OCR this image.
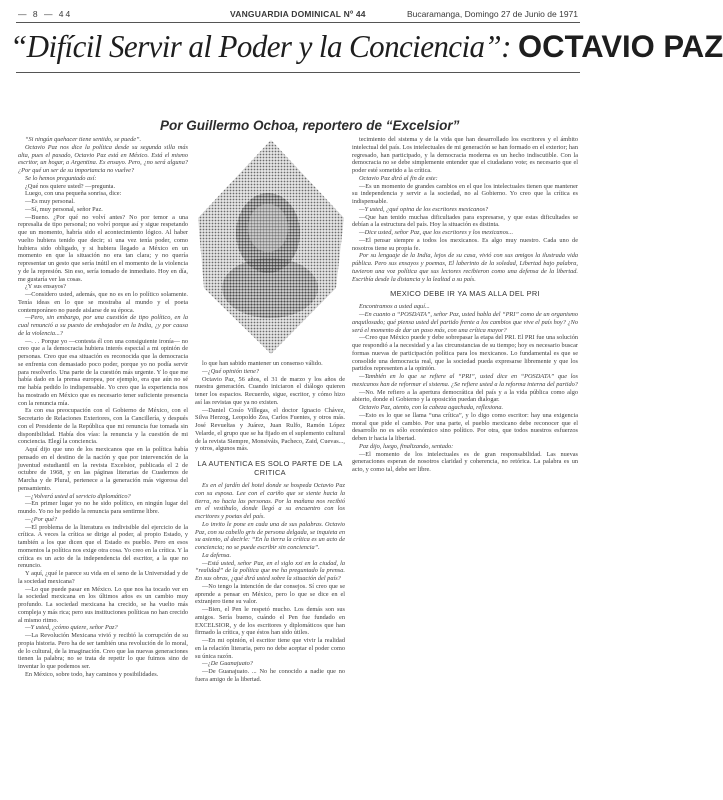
— 8 — 44	VANGUARDIA DOMINICAL Nº 44	Bucaramanga, Domingo 27 de Junio de 1971
“Difícil Servir al Poder y la Conciencia”: OCTAVIO PAZ
Por Guillermo Ochoa, reportero de “Excelsior”

“Si ningún quehacer tiene sentido, se puede”.

Octavio Paz nos dice la política desde su segunda silla más alta, pues el pasado, Octavio Paz está en México. Está el mismo escritor, un hogar, a Argentina. Es ensayo. Pero, ¿no será alguna? ¿Por qué un ser de su importancia no vuelve?

Se lo hemos preguntado así:

¿Qué nos quiere usted? —pregunta.

Luego, con una pequeña sonrisa, dice:

—Es muy personal.

—Sí, muy personal, señor Paz.

—Bueno. ¿Por qué no volví antes? No por temor a una represalia de tipo personal; no volví porque así y sigue respetando que un momento, habría sido el acontecimiento lógico. Al haber vuelto hubiera tenido que decir; si una vez tenía poder, como hubiera sido obligado, y si hubiera llegado a México en un momento en que la situación no era tan clara; y no quería representar un gesto que sería inútil en el momento de la violencia y de la represión. Sin eso, sería tomado de inmediato. Hoy en día, me gustaría ver las cosas.

¿Y sus ensayos?

—Considero usted, además, que no es en lo político solamente. Tenía ideas en lo que se mostraba al mundo y el poeta contemporáneo no puede aislarse de su época.

—Pero, sin embargo, por una cuestión de tipo político, en la cual renunció a su puesto de embajador en la India, ¿y por causa de la violencia...?

—. . . Porque yo —contesta él con una consiguiente ironía— no creo que a la democracia hubiera interés especial a mi opinión de personas. Creo que esa situación es reconocida que la democracia se enfrenta con demasiado poco poder, porque yo no podía servir para resolverlo. Una parte de la cuestión más urgente. Y lo que me había dado en la prensa europea, por ejemplo, era que aún no sé me había pedido lo indispensable. Yo creo que la experiencia nos ha mostrado en México que es necesario tener suficiente presencia con la renuncia mía.

Es con esa preocupación con el Gobierno de México, con el Secretario de Relaciones Exteriores, con la Cancillería, y después con el Presidente de la República que mi renuncia fue tomada sin disponibilidad. Había dos vías: la renuncia y la cuestión de mi conciencia. Elegí la conciencia.

Aquí dijo que uno de los mexicanos que en la política había pensado en el destino de la nación y que por intervención de la juventud estudiantil en la revista Excelsior, publicada el 2 de octubre de 1968, y en las páginas literarias de Cuadernos de Marcha y de Plural, pertenece a la generación más vigorosa del pensamiento.

—¿Volverá usted al servicio diplomático?

—En primer lugar yo no he sido político, en ningún lugar del mundo. Yo no he pedido la renuncia para sentirme libre.

—¿Por qué?

—El problema de la literatura es indivisible del ejercicio de la crítica. A veces la crítica se dirige al poder, al propio Estado, y también a los que dicen que el Estado es pueblo. Pero en esos momentos la política nos exige otra cosa. Yo creo en la crítica. Y la crítica es un acto de la independencia del escritor, a la que no renuncio.

Y aquí, ¿qué le parece su vida en el seno de la Universidad y de la sociedad mexicana?

—Lo que puede pasar en México. Lo que nos ha tocado ver en la sociedad mexicana en los últimos años es un cambio muy profundo. La sociedad mexicana ha crecido, se ha vuelto más compleja y más rica; pero sus instituciones políticas no han crecido al mismo ritmo.

—Y usted, ¿cómo quiere, señor Paz?

—La Revolución Mexicana vivió y recibió la corrupción de su propia historia. Pero ha de ser también una revolución de lo moral, de lo cultural, de la imaginación. Creo que las nuevas generaciones tienen la palabra; no se trata de repetir lo que fuimos sino de inventar lo que podemos ser.

En México, sobre todo, hay caminos y posibilidades.

lo que han sabido mantener un consenso válido.

—¿Qué opinión tiene?

Octavio Paz, 56 años, el 31 de marzo y los años de nuestra generación. Cuando iniciaron el diálogo quieren tener los espacios. Recuerdo, sigue, escritor, y cómo hizo así las revistas que ya no existen.

—Daniel Cosío Villegas, el doctor Ignacio Chávez, Silva Herzog, Leopoldo Zea, Carlos Fuentes, y otros más. José Revueltas y Juárez, Juan Rulfo, Ramón López Velarde, el grupo que se ha fijado en el suplemento cultural de la revista Siempre, Monsiváis, Pacheco, Zaid, Cuevas..., y otros, algunos más.

LA AUTENTICA ES SOLO PARTE DE LA CRITICA

Es en el jardín del hotel donde se hospeda Octavio Paz con su esposa. Lee con el cariño que se siente hacia la tierra, no hacia las personas. Por la mañana nos recibió en el vestíbulo, donde llegó a su encuentro con los escritores y poetas del país.

Lo invito le pone en cada una de sus palabras. Octavio Paz, con su cabello gris de persona delgada, se inquieta en su asiento, al decirle: “En la tierra la crítica es un acto de conciencia; no se puede escribir sin conciencia”.

La defensa.

—Está usted, señor Paz, en el siglo xxi en la ciudad, la “realidad” de la política que me ha preguntado la prensa. En sus obras, ¿qué dirá usted sobre la situación del país?

—No tengo la intención de dar consejos. Sí creo que se aprende a pensar en México, pero lo que se dice en el extranjero tiene su valor.

—Bien, el Pen le respetó mucho. Los demás son sus amigos. Sería bueno, cuándo el Pen fue fundado en EXCELSIOR, y de los escritores y diplomáticos que han firmado la crítica, y que éstos han sido útiles.

—En mi opinión, el escritor tiene que vivir la realidad en la relación literaria, pero no debe aceptar el poder como su única razón.

—¿De Guanajuato?

—De Guanajuato. ... No he conocido a nadie que no fuera amigo de la libertad.

tecimiento del sistema y de la vida que han desarrollado los escritores y el ámbito intelectual del país. Los intelectuales de mi generación se han formado en el exterior; han regresado, han participado, y la democracia moderna es un hecho indiscutible. Con la democracia no se debe simplemente entender que el ciudadano vote; es necesario que el poder esté sometido a la crítica.

Octavio Paz dirá al fin de este:

—Es un momento de grandes cambios en el que los intelectuales tienen que mantener su independencia y servir a la sociedad, no al Gobierno. Yo creo que la crítica es indispensable.

—Y usted, ¿qué opina de los escritores mexicanos?

—Que han tenido muchas dificultades para expresarse, y que estas dificultades se debían a la estructura del país. Hoy la situación es distinta.

—Dice usted, señor Paz, que los escritores y los mexicanos...

—El pensar siempre a todos los mexicanos. Es algo muy nuestro. Cada uno de nosotros tiene su propia fe.

Por su lenguaje de la India, lejos de su casa, vivió con sus amigos la ilustrada vida pública. Pero sus ensayos y poemas, El laberinto de la soledad, Libertad bajo palabra, tuvieron una voz política que sus lectores recibieron como una defensa de la libertad. Escribía desde la distancia y la lealtad a su país.

MEXICO DEBE IR YA MAS ALLA DEL PRI

Encontramos a usted aquí...

—En cuanto a “POSDATA”, señor Paz, usted habla del “PRI” como de un organismo anquilosado; qué piensa usted del partido frente a los cambios que vive el país hoy? ¿No será el momento de dar un paso más, con una crítica mayor?

—Creo que México puede y debe sobrepasar la etapa del PRI. El PRI fue una solución que respondió a la necesidad y a las circunstancias de su tiempo; hoy es necesario buscar formas nuevas de participación política para los mexicanos. Lo fundamental es que se consolide una democracia real, que la sociedad pueda expresarse libremente y que los partidos representen a la opinión.

—También en lo que se refiere al “PRI”, usted dice en “POSDATA” que los mexicanos han de reformar el sistema. ¿Se refiere usted a la reforma interna del partido?

—No. Me refiero a la apertura democrática del país y a la vida pública como algo abierto, donde el Gobierno y la oposición puedan dialogar.

Octavio Paz, atento, con la cabeza agachada, reflexiona.

—Esto es lo que se llama “una crítica”, y lo digo como escritor: hay una exigencia moral que pide el cambio. Por una parte, el pueblo mexicano debe reconocer que el desarrollo no es sólo económico sino político. Por otra, que todos nuestros esfuerzos deben ir hacia la libertad.

Paz dijo, luego, finalizando, sentado:

—El momento de los intelectuales es de gran responsabilidad. Las nuevas generaciones esperan de nosotros claridad y coherencia, no retórica. La palabra es un acto, y como tal, debe ser libre.
